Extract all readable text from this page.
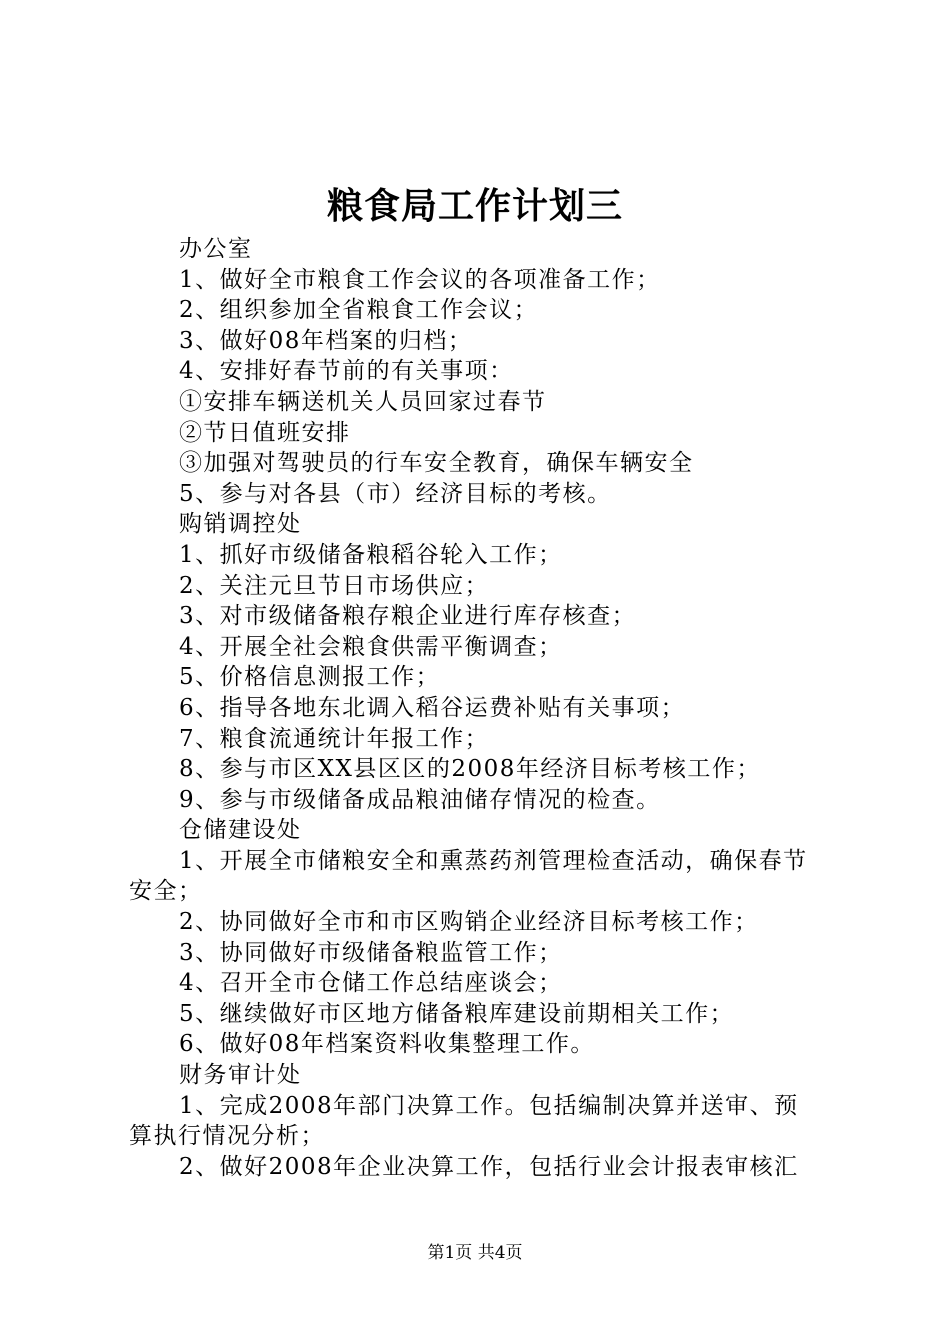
粮食局工作计划三
办公室
1、做好全市粮食工作会议的各项准备工作；
2、组织参加全省粮食工作会议；
3、做好08年档案的归档；
4、安排好春节前的有关事项：
①安排车辆送机关人员回家过春节
②节日值班安排
③加强对驾驶员的行车安全教育，确保车辆安全
5、参与对各县（市）经济目标的考核。
购销调控处
1、抓好市级储备粮稻谷轮入工作；
2、关注元旦节日市场供应；
3、对市级储备粮存粮企业进行库存核查；
4、开展全社会粮食供需平衡调查；
5、价格信息测报工作；
6、指导各地东北调入稻谷运费补贴有关事项；
7、粮食流通统计年报工作；
8、参与市区XX县区区的2008年经济目标考核工作；
9、参与市级储备成品粮油储存情况的检查。
仓储建设处
1、开展全市储粮安全和熏蒸药剂管理检查活动，确保春节
安全；
2、协同做好全市和市区购销企业经济目标考核工作；
3、协同做好市级储备粮监管工作；
4、召开全市仓储工作总结座谈会；
5、继续做好市区地方储备粮库建设前期相关工作；
6、做好08年档案资料收集整理工作。
财务审计处
1、完成2008年部门决算工作。包括编制决算并送审、预
算执行情况分析；
2、做好2008年企业决算工作，包括行业会计报表审核汇
第1页 共4页
